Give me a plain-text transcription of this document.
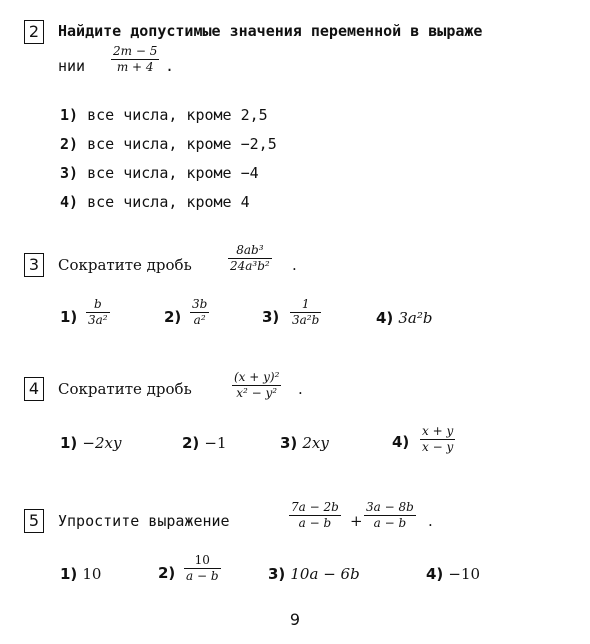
2	Найдите допустимые значения переменной в выраже
нии
2m − 5
m + 4 .
1) все числа, кроме 2,5
2) все числа, кроме −2,5
3) все числа, кроме −4
4) все числа, кроме 4
3	Сократите дробь
8ab³
24a³b² .
1)
b
3a²	2)
3b
a²	3)
1
3a²b	4) 3a²b
4	Сократите дробь
(x + y)²
x² − y² .
1) −2xy	2) −1	3) 2xy	4)
x + y
x − y
5	Упростите выражение
7a − 2b
a − b +
3a − 8b
a − b .
1) 10	2)
10
a − b	3) 10a − 6b	4) −10
9
